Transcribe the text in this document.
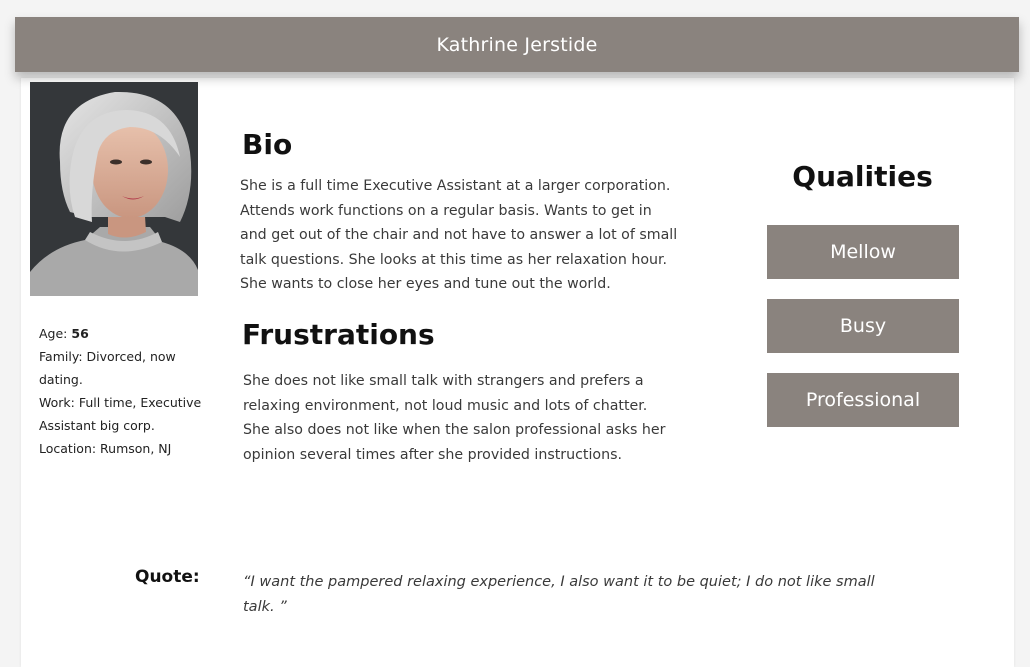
Kathrine Jerstide
Age: 56
Family: Divorced, now dating.
Work: Full time, Executive Assistant big corp.
Location: Rumson, NJ
Bio
She is a full time Executive Assistant at a larger corporation. Attends work functions on a regular basis. Wants to get in and get out of the chair and not have to answer a lot of small talk questions. She looks at this time as her relaxation hour. She wants to close her eyes and tune out the world.
Frustrations
She does not like small talk with strangers and prefers a relaxing environment, not loud music and lots of chatter. She also does not like when the salon professional asks her opinion several times after she provided instructions.
Qualities
Mellow
Busy
Professional
Quote:	“I want the pampered relaxing experience, I also want it to be quiet; I do not like small talk. ”
